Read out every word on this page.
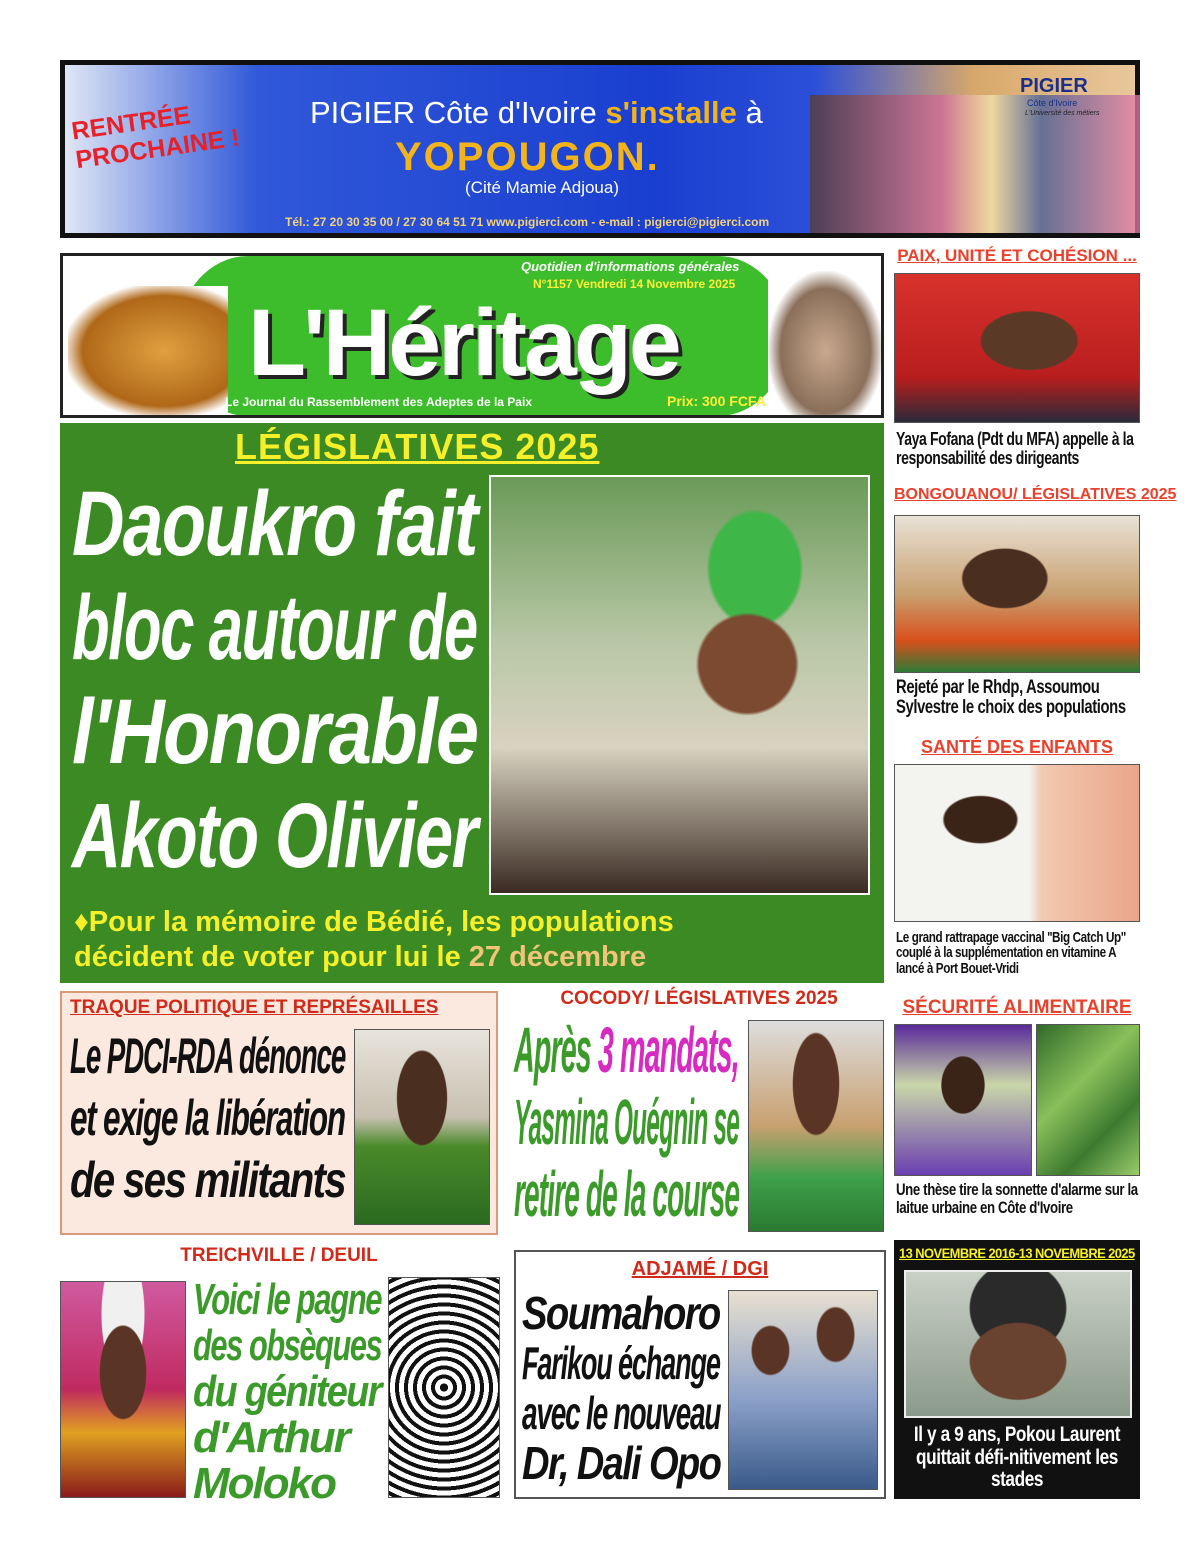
RENTRÉE PROCHAINE !
PIGIER Côte d'Ivoire s'installe à
YOPOUGON.
(Cité Mamie Adjoua)
Tél.: 27 20 30 35 00 / 27 30 64 51 71 www.pigierci.com - e-mail : pigierci@pigierci.com
PIGIER
Côte d'Ivoire
L'Université des métiers
L'Héritage
Quotidien d'informations générales
N°1157 Vendredi 14 Novembre 2025
Le Journal du Rassemblement des Adeptes de la Paix	Prix: 300 FCFA
LÉGISLATIVES 2025
Daoukro fait
bloc autour de
l'Honorable
Akoto Olivier
♦Pour la mémoire de Bédié, les populations
décident de voter pour lui le 27 décembre
PAIX, UNITÉ ET COHÉSION ...
Yaya Fofana (Pdt du MFA) appelle à la responsabilité des dirigeants
BONGOUANOU/ LÉGISLATIVES 2025
Rejeté par le Rhdp, Assoumou Sylvestre le choix des populations
SANTÉ DES ENFANTS
Le grand rattrapage vaccinal ''Big Catch Up" couplé à la supplémentation en vitamine A lancé à Port Bouet-Vridi
SÉCURITÉ ALIMENTAIRE
Une thèse tire la sonnette d'alarme sur la laitue urbaine en Côte d'Ivoire
13 NOVEMBRE 2016-13 NOVEMBRE 2025
Il y a 9 ans, Pokou Laurent quittait défi-nitivement les stades
TRAQUE POLITIQUE ET REPRÉSAILLES
Le PDCI-RDA dénonce
et exige la libération
de ses militants
COCODY/ LÉGISLATIVES 2025
Après 3 mandats,
Yasmina Ouégnin se
retire de la course
TREICHVILLE / DEUIL
Voici le pagne
des obsèques
du géniteur
d'Arthur
Moloko
ADJAMÉ / DGI
Soumahoro
Farikou échange
avec le nouveau
Dr, Dali Opo
